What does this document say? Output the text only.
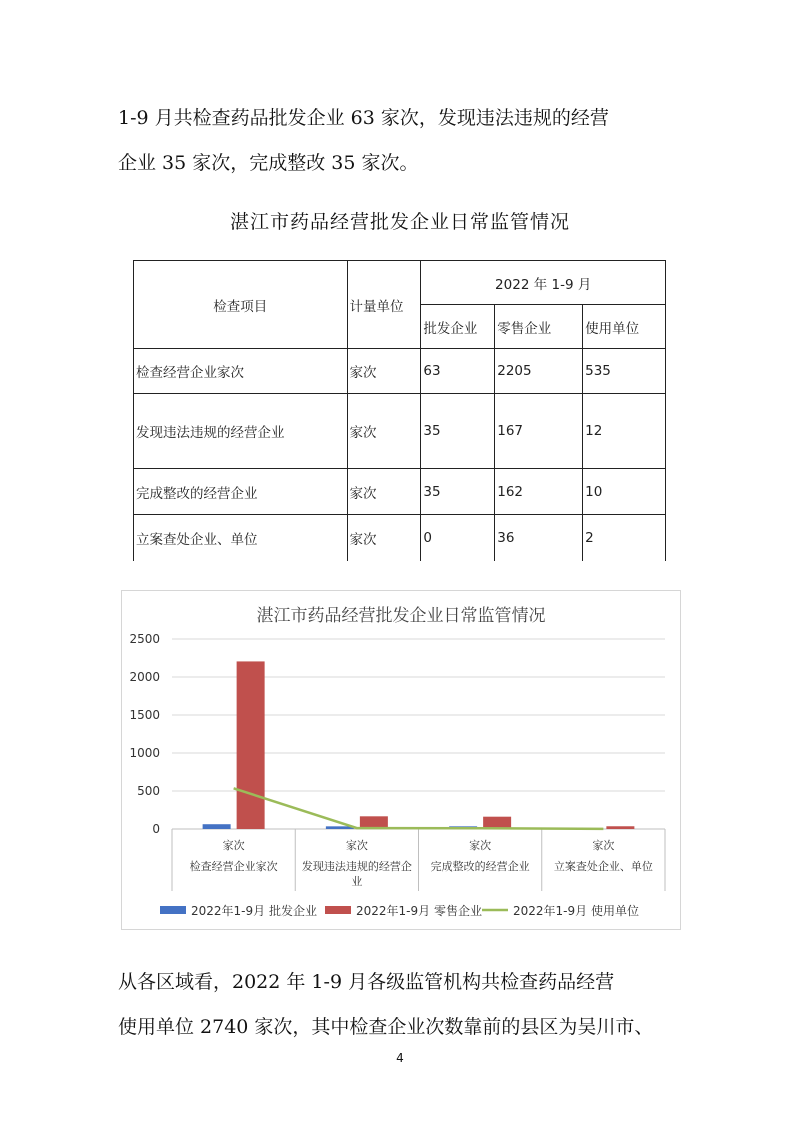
1-9 月共检查药品批发企业 63 家次，发现违法违规的经营
企业 35 家次，完成整改 35 家次。
湛江市药品经营批发企业日常监管情况
检查项目	计量单位	2022 年 1-9 月		
		批发企业	零售企业	使用单位
检查经营企业家次	家次	63	2205	535
发现违法违规的经营企业	家次	35	167	12
完成整改的经营企业	家次	35	162	10
立案查处企业、单位	家次	0	36	2
湛江市药品经营批发企业日常监管情况
0
500
1000
1500
2000
2500
家次
检查经营企业家次
家次
发现违法违规的经营企
业
家次
完成整改的经营企业
家次
立案查处企业、单位
2022年1-9月 批发企业	2022年1-9月 零售企业	2022年1-9月 使用单位
从各区域看，2022 年 1-9 月各级监管机构共检查药品经营
使用单位 2740 家次，其中检查企业次数靠前的县区为吴川市、
4
